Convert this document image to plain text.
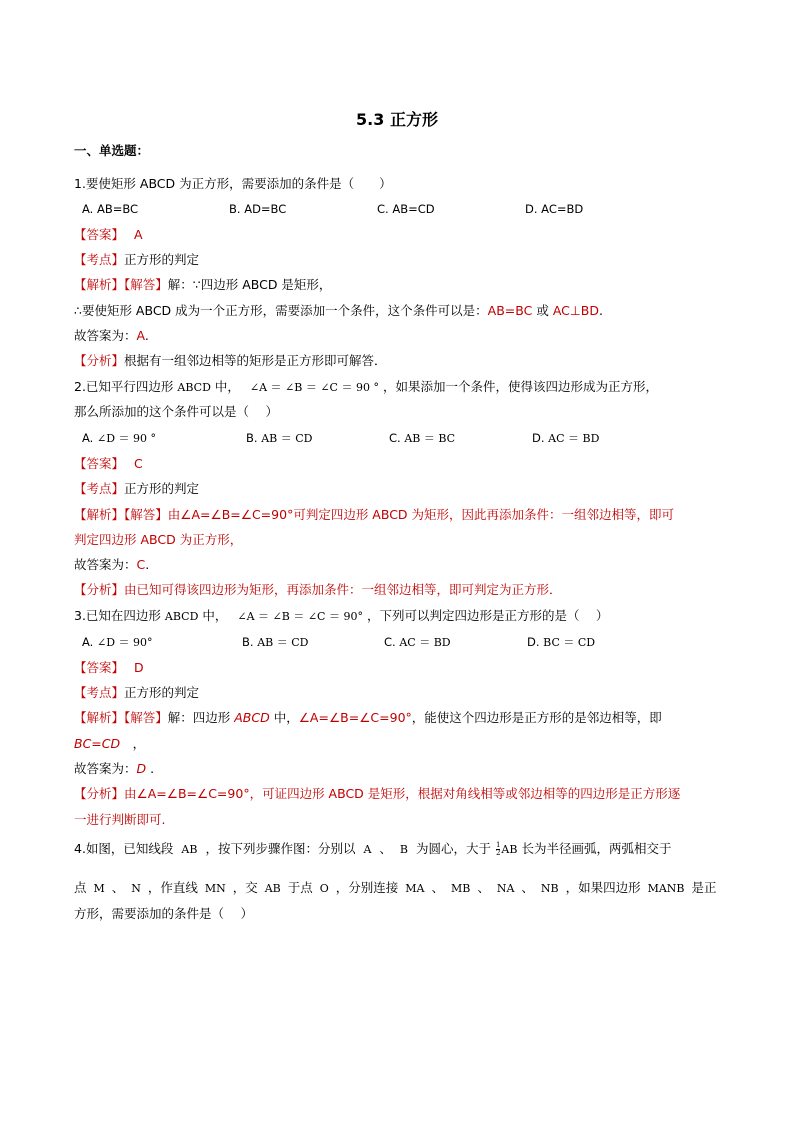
5.3 正方形
一、单选题：
1.要使矩形 ABCD 为正方形，需要添加的条件是（　　）
A. AB=BC	B. AD=BC	C. AB=CD	D. AC=BD
【答案】 A
【考点】正方形的判定
【解析】【解答】解：∵四边形 ABCD 是矩形，
∴要使矩形 ABCD 成为一个正方形，需要添加一个条件，这个条件可以是：AB=BC 或 AC⊥BD.
故答案为：A.
【分析】根据有一组邻边相等的矩形是正方形即可解答．
2.已知平行四边形 ABCD 中， ∠A ＝ ∠B ＝ ∠C ＝ 90 ° ，如果添加一个条件，使得该四边形成为正方形，
那么所添加的这个条件可以是（　 ）
A. ∠D ＝ 90 °	B. AB ＝ CD	C. AB ＝ BC	D. AC ＝ BD
【答案】 C
【考点】正方形的判定
【解析】【解答】由∠A=∠B=∠C=90°可判定四边形 ABCD 为矩形，因此再添加条件：一组邻边相等，即可
判定四边形 ABCD 为正方形，
故答案为：C.
【分析】由已知可得该四边形为矩形，再添加条件：一组邻边相等，即可判定为正方形．
3.已知在四边形 ABCD 中， ∠A ＝ ∠B ＝ ∠C ＝ 90° ，下列可以判定四边形是正方形的是（　 ）
A. ∠D ＝ 90°	B. AB ＝ CD	C. AC ＝ BD	D. BC ＝ CD
【答案】 D
【考点】正方形的判定
【解析】【解答】解：四边形 ABCD 中，∠A=∠B=∠C=90°，能使这个四边形是正方形的是邻边相等，即
BC=CD　，
故答案为：D .
【分析】由∠A=∠B=∠C=90°，可证四边形 ABCD 是矩形，根据对角线相等或邻边相等的四边形是正方形逐
一进行判断即可.
4.如图，已知线段 AB ，按下列步骤作图：分别以 A 、 B 为圆心，大于 $\frac{1}{2}$ AB 长为半径画弧，两弧相交于
点 M 、 N ，作直线 MN ，交 AB 于点 O ，分别连接 MA 、 MB 、 NA 、 NB ，如果四边形 MANB 是正
方形，需要添加的条件是（　 ）
